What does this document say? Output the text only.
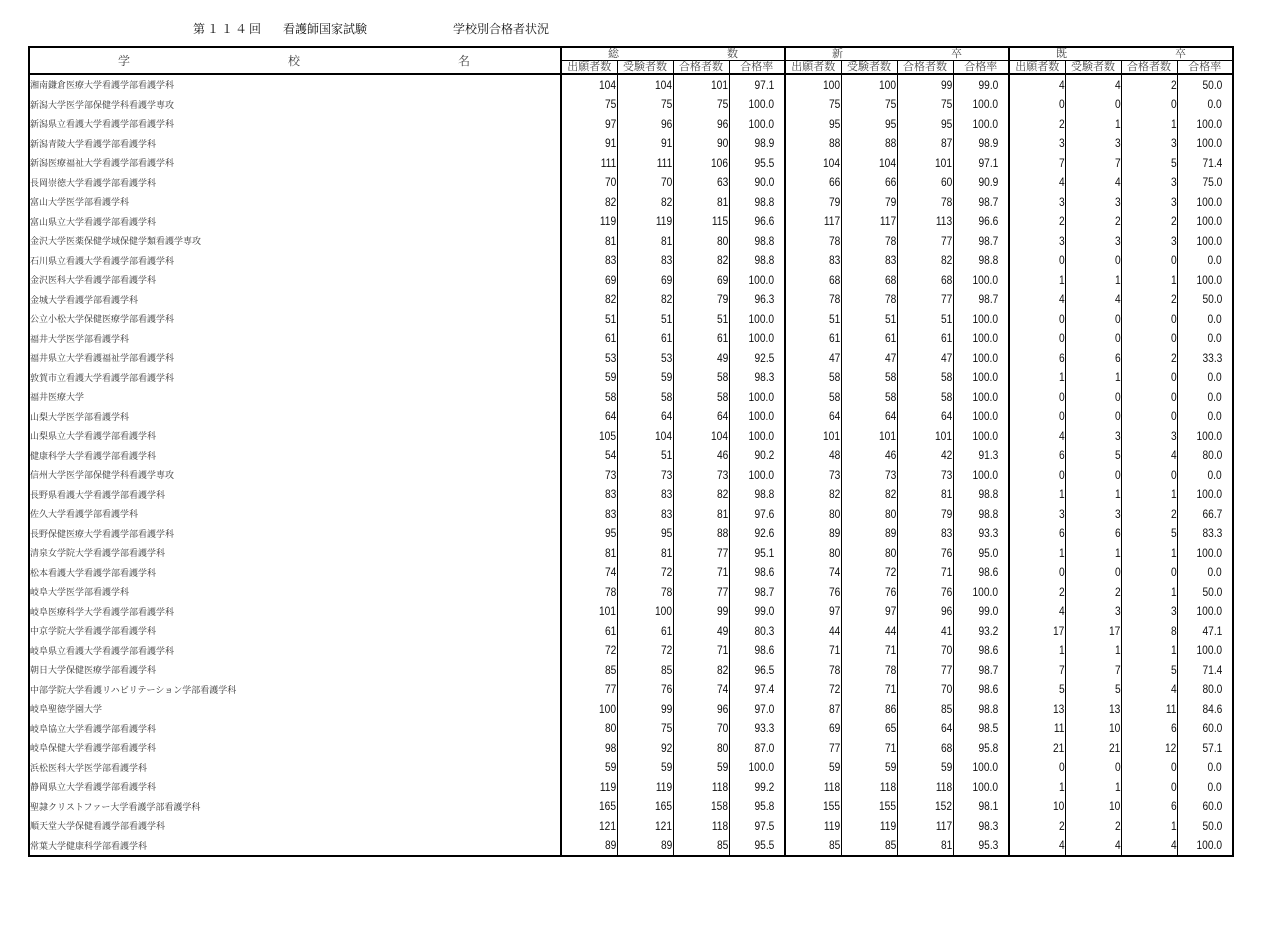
第１１４回 看護師国家試験	学校別合格者状況
学 校 名	総 数				新 卒				既 卒			

	出願者数	受験者数	合格者数	合格率	出願者数	受験者数	合格者数	合格率	出願者数	受験者数	合格者数	合格率
湘南鎌倉医療大学看護学部看護学科	104	104	101	97.1	100	100	99	99.0	4	4	2	50.0
新潟大学医学部保健学科看護学専攻	75	75	75	100.0	75	75	75	100.0	0	0	0	0.0
新潟県立看護大学看護学部看護学科	97	96	96	100.0	95	95	95	100.0	2	1	1	100.0
新潟青陵大学看護学部看護学科	91	91	90	98.9	88	88	87	98.9	3	3	3	100.0
新潟医療福祉大学看護学部看護学科	111	111	106	95.5	104	104	101	97.1	7	7	5	71.4
長岡崇徳大学看護学部看護学科	70	70	63	90.0	66	66	60	90.9	4	4	3	75.0
富山大学医学部看護学科	82	82	81	98.8	79	79	78	98.7	3	3	3	100.0
富山県立大学看護学部看護学科	119	119	115	96.6	117	117	113	96.6	2	2	2	100.0
金沢大学医薬保健学域保健学類看護学専攻	81	81	80	98.8	78	78	77	98.7	3	3	3	100.0
石川県立看護大学看護学部看護学科	83	83	82	98.8	83	83	82	98.8	0	0	0	0.0
金沢医科大学看護学部看護学科	69	69	69	100.0	68	68	68	100.0	1	1	1	100.0
金城大学看護学部看護学科	82	82	79	96.3	78	78	77	98.7	4	4	2	50.0
公立小松大学保健医療学部看護学科	51	51	51	100.0	51	51	51	100.0	0	0	0	0.0
福井大学医学部看護学科	61	61	61	100.0	61	61	61	100.0	0	0	0	0.0
福井県立大学看護福祉学部看護学科	53	53	49	92.5	47	47	47	100.0	6	6	2	33.3
敦賀市立看護大学看護学部看護学科	59	59	58	98.3	58	58	58	100.0	1	1	0	0.0
福井医療大学	58	58	58	100.0	58	58	58	100.0	0	0	0	0.0
山梨大学医学部看護学科	64	64	64	100.0	64	64	64	100.0	0	0	0	0.0
山梨県立大学看護学部看護学科	105	104	104	100.0	101	101	101	100.0	4	3	3	100.0
健康科学大学看護学部看護学科	54	51	46	90.2	48	46	42	91.3	6	5	4	80.0
信州大学医学部保健学科看護学専攻	73	73	73	100.0	73	73	73	100.0	0	0	0	0.0
長野県看護大学看護学部看護学科	83	83	82	98.8	82	82	81	98.8	1	1	1	100.0
佐久大学看護学部看護学科	83	83	81	97.6	80	80	79	98.8	3	3	2	66.7
長野保健医療大学看護学部看護学科	95	95	88	92.6	89	89	83	93.3	6	6	5	83.3
清泉女学院大学看護学部看護学科	81	81	77	95.1	80	80	76	95.0	1	1	1	100.0
松本看護大学看護学部看護学科	74	72	71	98.6	74	72	71	98.6	0	0	0	0.0
岐阜大学医学部看護学科	78	78	77	98.7	76	76	76	100.0	2	2	1	50.0
岐阜医療科学大学看護学部看護学科	101	100	99	99.0	97	97	96	99.0	4	3	3	100.0
中京学院大学看護学部看護学科	61	61	49	80.3	44	44	41	93.2	17	17	8	47.1
岐阜県立看護大学看護学部看護学科	72	72	71	98.6	71	71	70	98.6	1	1	1	100.0
朝日大学保健医療学部看護学科	85	85	82	96.5	78	78	77	98.7	7	7	5	71.4
中部学院大学看護リハビリテーション学部看護学科	77	76	74	97.4	72	71	70	98.6	5	5	4	80.0
岐阜聖徳学園大学	100	99	96	97.0	87	86	85	98.8	13	13	11	84.6
岐阜協立大学看護学部看護学科	80	75	70	93.3	69	65	64	98.5	11	10	6	60.0
岐阜保健大学看護学部看護学科	98	92	80	87.0	77	71	68	95.8	21	21	12	57.1
浜松医科大学医学部看護学科	59	59	59	100.0	59	59	59	100.0	0	0	0	0.0
静岡県立大学看護学部看護学科	119	119	118	99.2	118	118	118	100.0	1	1	0	0.0
聖隷クリストファー大学看護学部看護学科	165	165	158	95.8	155	155	152	98.1	10	10	6	60.0
順天堂大学保健看護学部看護学科	121	121	118	97.5	119	119	117	98.3	2	2	1	50.0
常葉大学健康科学部看護学科	89	89	85	95.5	85	85	81	95.3	4	4	4	100.0
